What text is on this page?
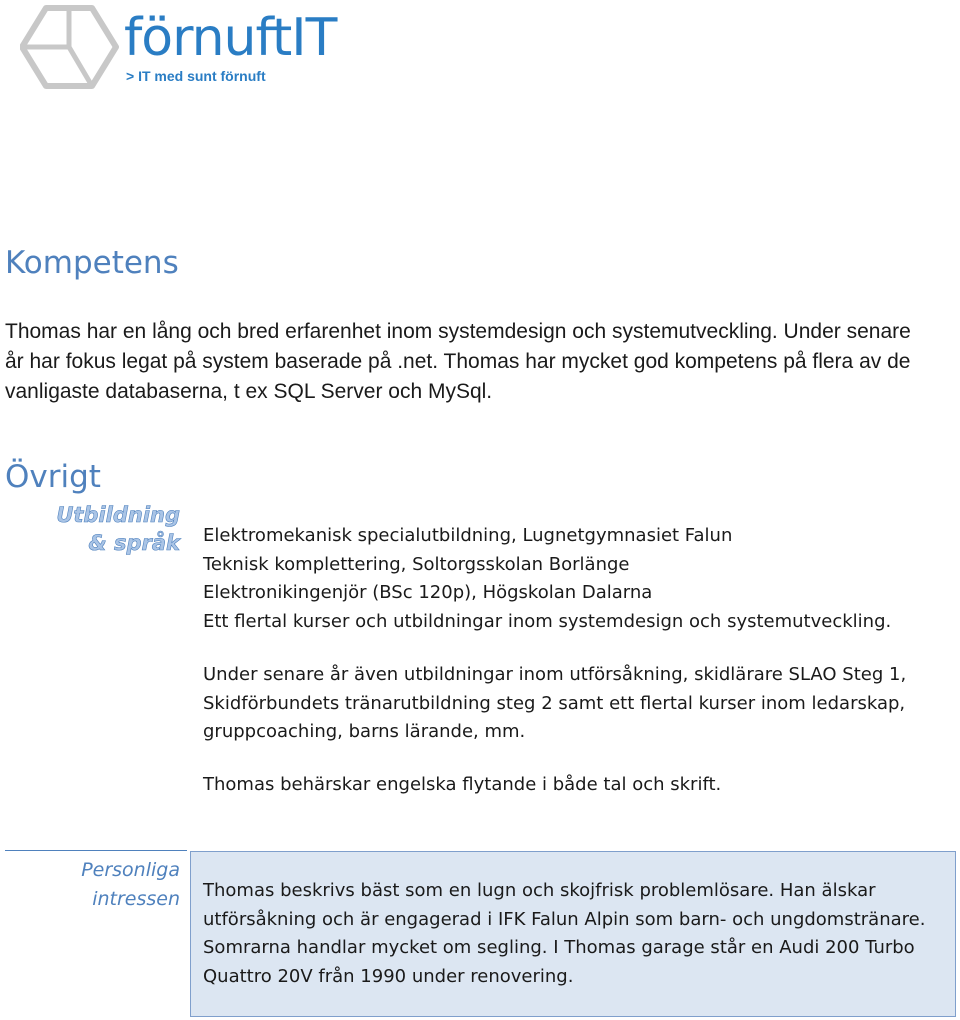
förnuftIT
> IT med sunt förnuft
Kompetens

Thomas har en lång och bred erfarenhet inom systemdesign och systemutveckling. Under senare år har fokus legat på system baserade på .net. Thomas har mycket god kompetens på flera av de vanligaste databaserna, t ex SQL Server och MySql.

Övrigt
Utbildning & språk Elektromekanisk specialutbildning, Lugnetgymnasiet Falun

Teknisk komplettering, Soltorgsskolan Borlänge

Elektronikingenjör (BSc 120p), Högskolan Dalarna

Ett flertal kurser och utbildningar inom systemdesign och systemutveckling.

Under senare år även utbildningar inom utförsåkning, skidlärare SLAO Steg 1, Skidförbundets tränarutbildning steg 2 samt ett flertal kurser inom ledarskap, gruppcoaching, barns lärande, mm.

Thomas behärskar engelska flytande i både tal och skrift.

Personliga
intressen Thomas beskrivs bäst som en lugn och skojfrisk problemlösare. Han älskar utförsåkning och är engagerad i IFK Falun Alpin som barn- och ungdomstränare. Somrarna handlar mycket om segling. I Thomas garage står en Audi 200 Turbo Quattro 20V från 1990 under renovering.
